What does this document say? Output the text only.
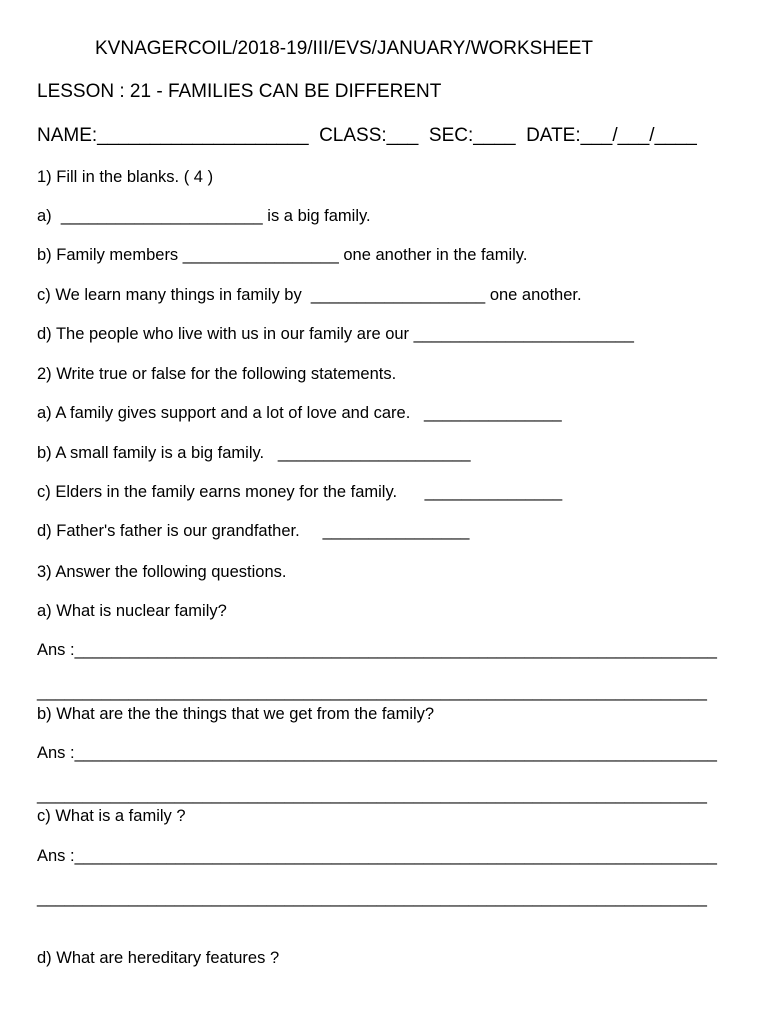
KVNAGERCOIL/2018-19/III/EVS/JANUARY/WORKSHEET
LESSON : 21 - FAMILIES CAN BE DIFFERENT
NAME:____________________  CLASS:___  SEC:____  DATE:___/___/____
1) Fill in the blanks. ( 4 )
a)  ______________________ is a big family.
b) Family members _________________ one another in the family.
c) We learn many things in family by  ___________________ one another.
d) The people who live with us in our family are our ________________________
2) Write true or false for the following statements.
a) A family gives support and a lot of love and care.   _______________
b) A small family is a big family.   _____________________
c) Elders in the family earns money for the family.      _______________
d) Father's father is our grandfather.     ________________
3) Answer the following questions.
a) What is nuclear family?
Ans :______________________________________________________________________
_________________________________________________________________________
b) What are the the things that we get from the family?
Ans :______________________________________________________________________
_________________________________________________________________________
c) What is a family ?
Ans :______________________________________________________________________
_________________________________________________________________________
d) What are hereditary features ?
